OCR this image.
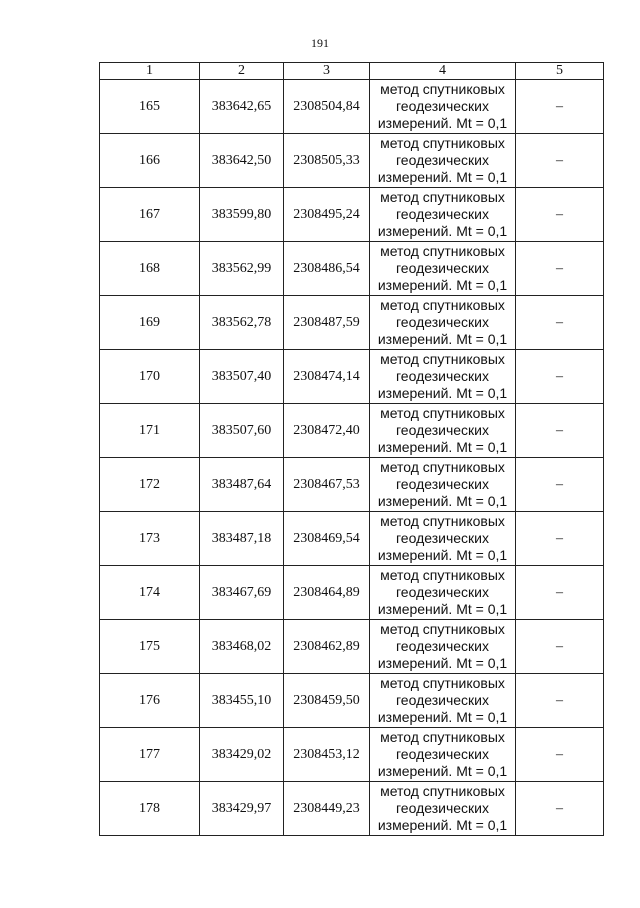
191
1	2	3	4	5
165	383642,65	2308504,84	метод спутниковых
геодезических
измерений. Mt = 0,1	–
166	383642,50	2308505,33	метод спутниковых
геодезических
измерений. Mt = 0,1	–
167	383599,80	2308495,24	метод спутниковых
геодезических
измерений. Mt = 0,1	–
168	383562,99	2308486,54	метод спутниковых
геодезических
измерений. Mt = 0,1	–
169	383562,78	2308487,59	метод спутниковых
геодезических
измерений. Mt = 0,1	–
170	383507,40	2308474,14	метод спутниковых
геодезических
измерений. Mt = 0,1	–
171	383507,60	2308472,40	метод спутниковых
геодезических
измерений. Mt = 0,1	–
172	383487,64	2308467,53	метод спутниковых
геодезических
измерений. Mt = 0,1	–
173	383487,18	2308469,54	метод спутниковых
геодезических
измерений. Mt = 0,1	–
174	383467,69	2308464,89	метод спутниковых
геодезических
измерений. Mt = 0,1	–
175	383468,02	2308462,89	метод спутниковых
геодезических
измерений. Mt = 0,1	–
176	383455,10	2308459,50	метод спутниковых
геодезических
измерений. Mt = 0,1	–
177	383429,02	2308453,12	метод спутниковых
геодезических
измерений. Mt = 0,1	–
178	383429,97	2308449,23	метод спутниковых
геодезических
измерений. Mt = 0,1	–
